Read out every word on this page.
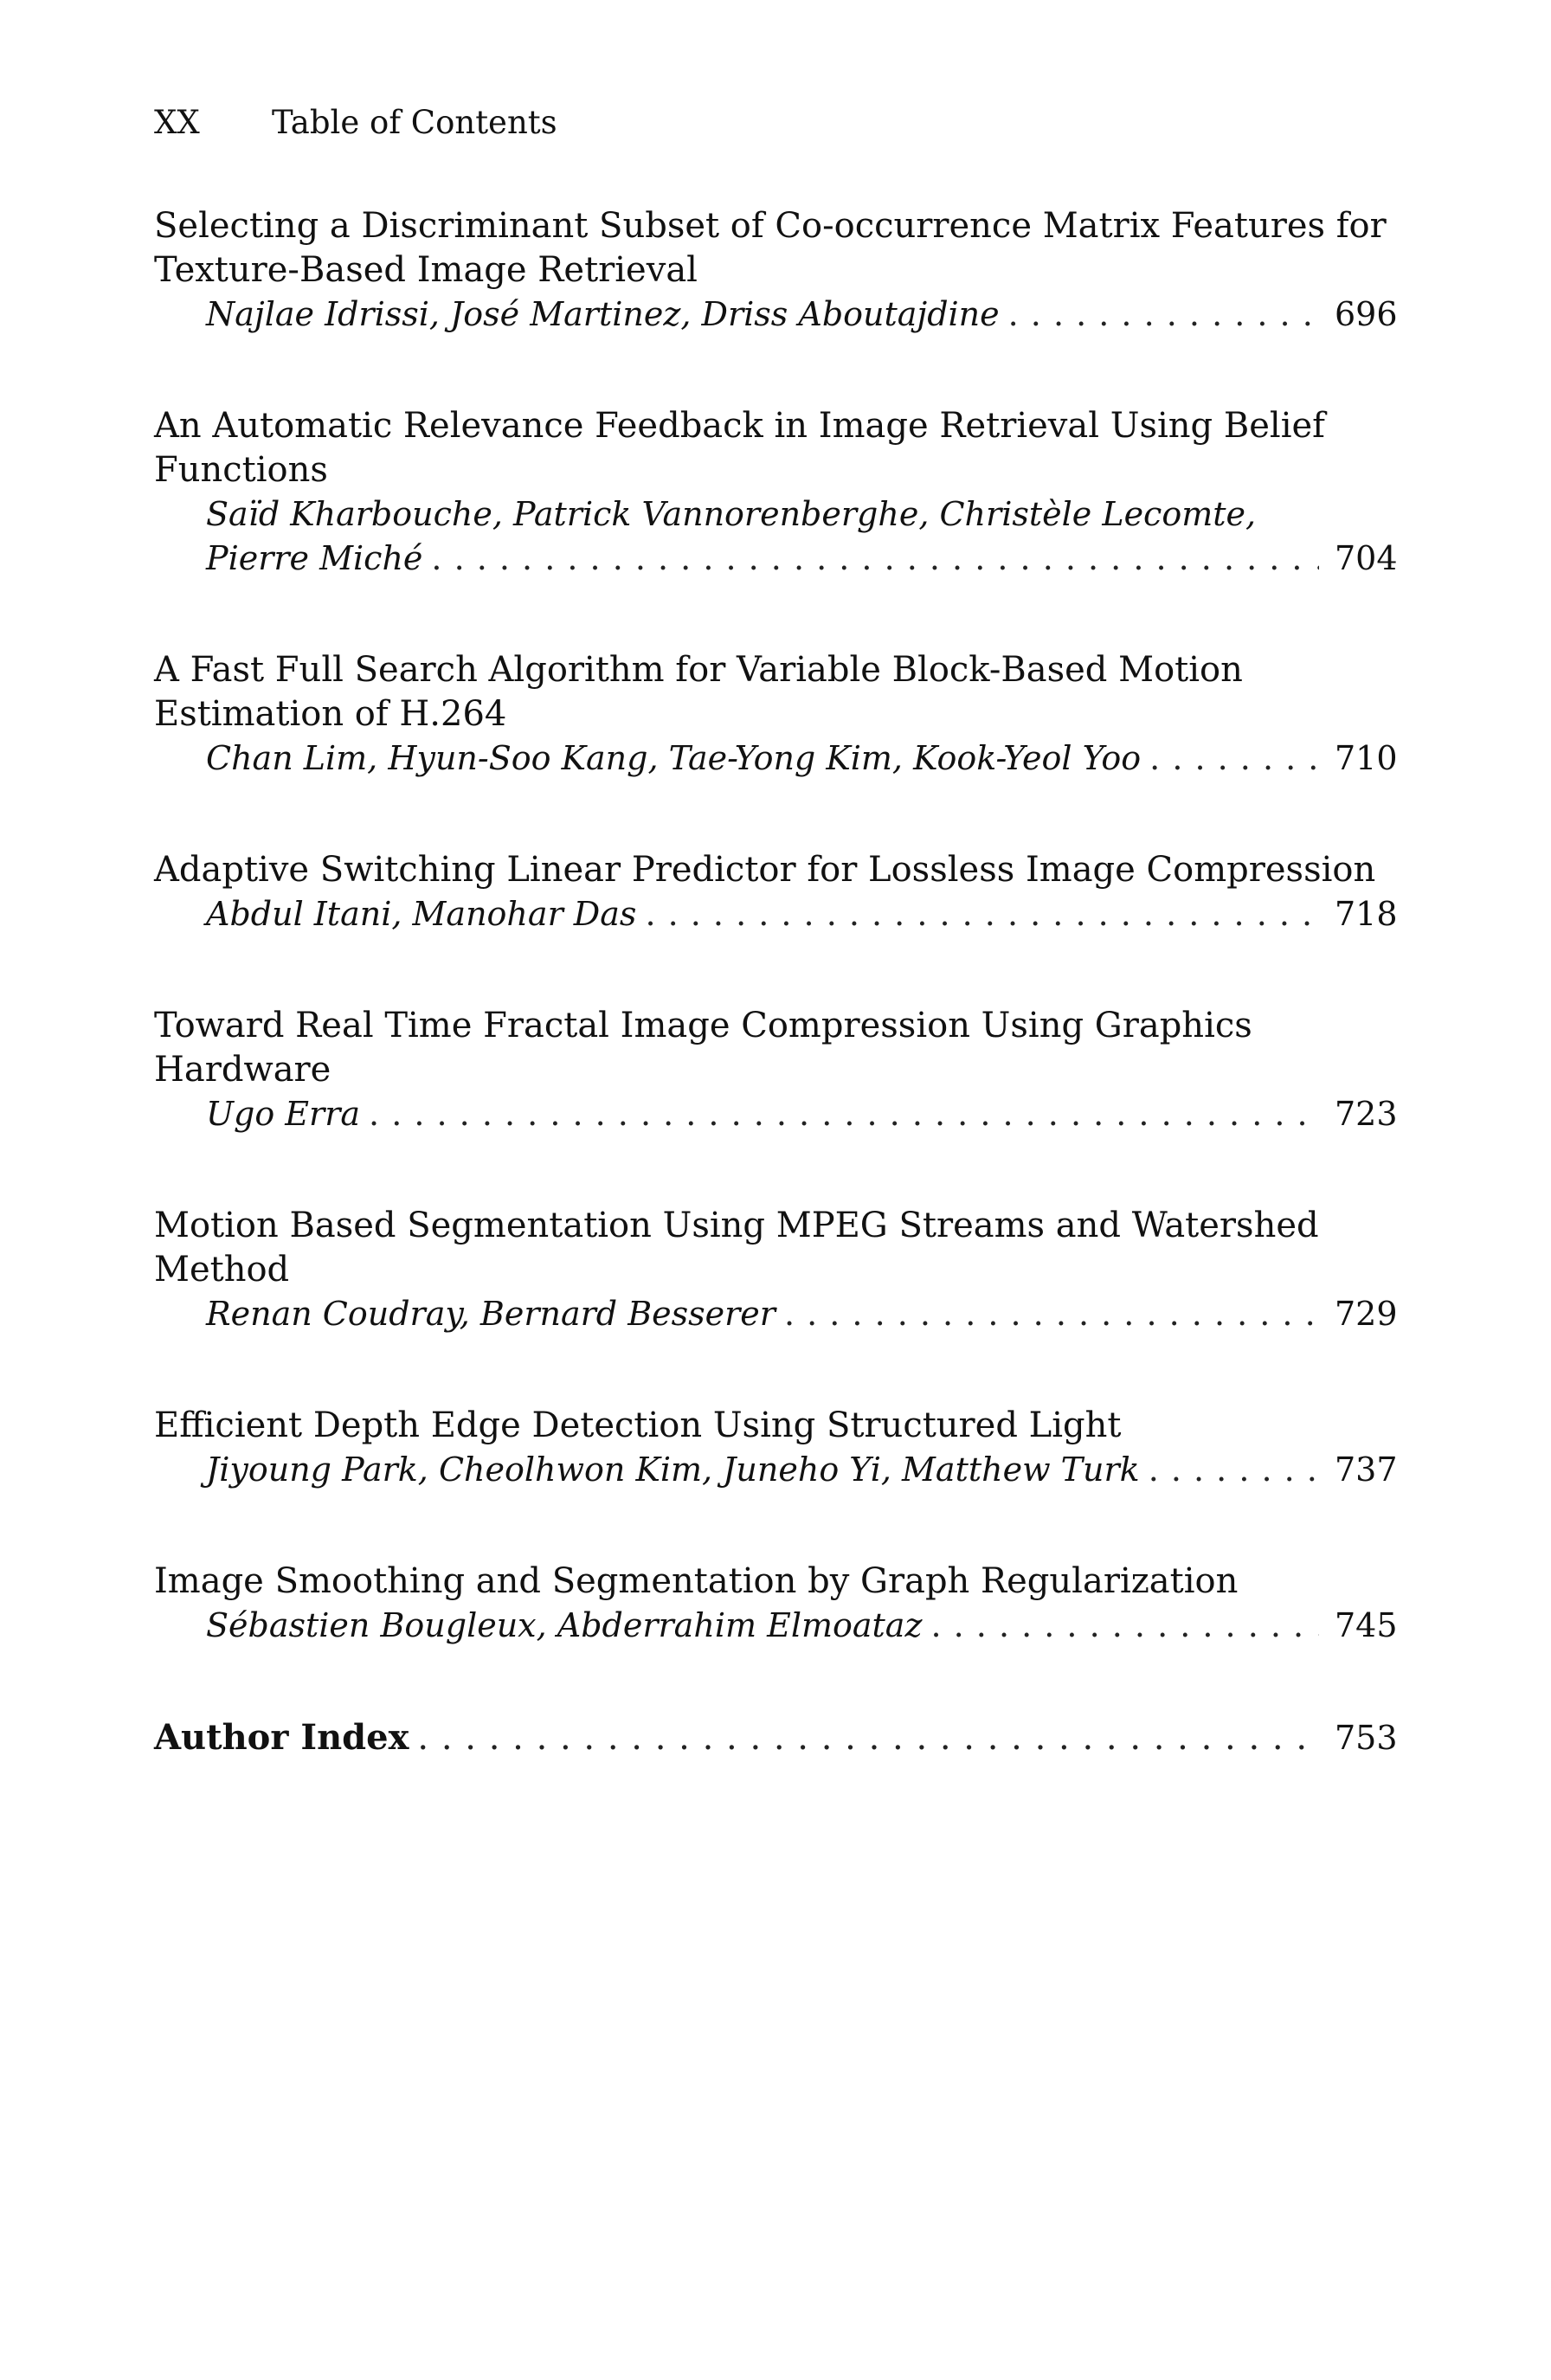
XX	Table of Contents
Selecting a Discriminant Subset of Co-occurrence Matrix Features for
Texture-Based Image Retrieval
Najlae Idrissi, José Martinez, Driss Aboutajdine . . .	696
An Automatic Relevance Feedback in Image Retrieval Using Belief
Functions
Saïd Kharbouche, Patrick Vannorenberghe, Christèle Lecomte,
Pierre Miché . . .	704
A Fast Full Search Algorithm for Variable Block-Based Motion
Estimation of H.264
Chan Lim, Hyun-Soo Kang, Tae-Yong Kim, Kook-Yeol Yoo . . .	710
Adaptive Switching Linear Predictor for Lossless Image Compression
Abdul Itani, Manohar Das . . .	718
Toward Real Time Fractal Image Compression Using Graphics Hardware
Ugo Erra . . .	723
Motion Based Segmentation Using MPEG Streams and Watershed
Method
Renan Coudray, Bernard Besserer . . .	729
Efficient Depth Edge Detection Using Structured Light
Jiyoung Park, Cheolhwon Kim, Juneho Yi, Matthew Turk . . .	737
Image Smoothing and Segmentation by Graph Regularization
Sébastien Bougleux, Abderrahim Elmoataz . . .	745
Author Index . . .	753
